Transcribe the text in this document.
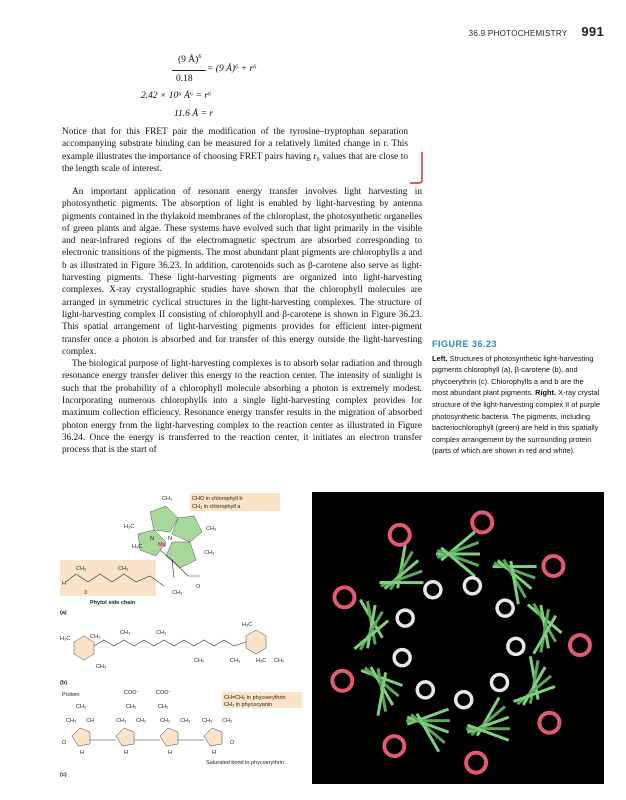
36.9 PHOTOCHEMISTRY 991
(9 Å)$^6$
0.18
= (9 Å)⁶ + r⁶
2.42 × 10⁶ Å⁶ = r⁶
11.6 Å = r
Notice that for this FRET pair the modification of the tyrosine–tryptophan separation accompanying substrate binding can be measured for a relatively limited change in r. This example illustrates the importance of choosing FRET pairs having r₀ values that are close to the length scale of interest.

An important application of resonant energy transfer involves light harvesting in photosynthetic pigments. The absorption of light is enabled by light-harvesting by antenna pigments contained in the thylakoid membranes of the chloroplast, the photosynthetic organelles of green plants and algae. These systems have evolved such that light primarily in the visible and near-infrared regions of the electromagnetic spectrum are absorbed corresponding to electronic transitions of the pigments. The most abundant plant pigments are chlorophylls a and b as illustrated in Figure 36.23. In addition, carotenoids such as β-carotene also serve as light-harvesting pigments. These light-harvesting pigments are organized into light-harvesting complexes. X-ray crystallographic studies have shown that the chlorophyll molecules are arranged in symmetric cyclical structures in the light-harvesting complexes. The structure of light-harvesting complex II consisting of chlorophyll and β-carotene is shown in Figure 36.23. This spatial arrangement of light-harvesting pigments provides for efficient inter-pigment transfer once a photon is absorbed and for transfer of this energy outside the light-harvesting complex.

The biological purpose of light-harvesting complexes is to absorb solar radiation and through resonance energy transfer deliver this energy to the reaction center. The intensity of sunlight is such that the probability of a chlorophyll molecule absorbing a photon is extremely modest. Incorporating numerous chlorophylls into a single light-harvesting complex provides for maximum collection efficiency. Resonance energy transfer results in the migration of absorbed photon energy from the light-harvesting complex to the reaction center as illustrated in Figure 36.24. Once the energy is transferred to the reaction center, it initiates an electron transfer process that is the start of

FIGURE 36.23
Left. Structures of photosynthetic light-harvesting pigments chlorophyll (a), β-carotene (b), and phycoerythrin (c). Chlorophylls a and b are the most abundant plant pigments. Right. X-ray crystal structure of the light-harvesting complex II of purple photosynthetic bacteria. The pigments, including bacteriochlorophyll (green) are held in this spatially complex arrangement by the surrounding protein (parts of which are shown in red and white).
CHO in chlorophyll b
CH₃ in chlorophyll a
CH₃
H₃C	CH₃
CH₃
H₃C	Mg
N	N
O
CH₃
H
CH₃	CH₃
3
Phytol side chain
(a)
H₃C	CH₃
CH₃	CH₃
H₃C
CH₃
CH₃	CH₃	H₃C CH₃
(b)
Protein	COO⁻	COO⁻
CH=CH₂ in phycoerythrin
CH₃ in phycocyanin
CH₃	CH₂	CH₂
CH₃ CH	CH₃ CH₂	CH₂ CH₃ CH₃ CH₂
O	O
H	H	H	H
Saturated bond in phycoerythrin
(c)
